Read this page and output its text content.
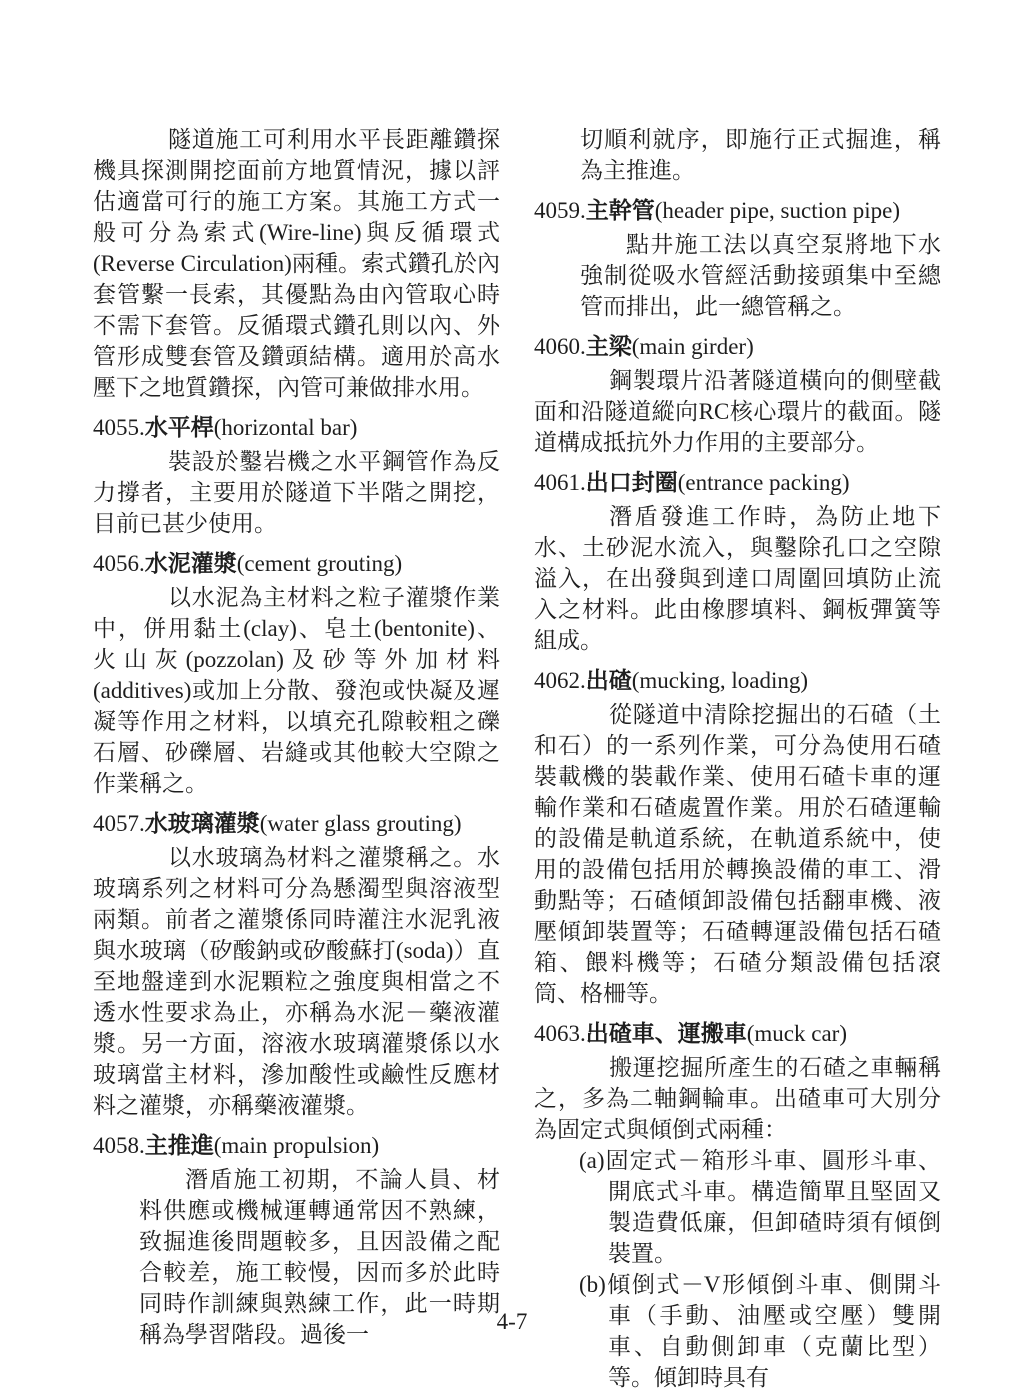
隧道施工可利用水平長距離鑽探機具探測開挖面前方地質情況，據以評估適當可行的施工方案。其施工方式一般可分為索式(Wire-line)與反循環式(Reverse Circulation)兩種。索式鑽孔於內套管繫一長索，其優點為由內管取心時不需下套管。反循環式鑽孔則以內、外管形成雙套管及鑽頭結構。適用於高水壓下之地質鑽探，內管可兼做排水用。

4055.水平桿(horizontal bar)

裝設於鑿岩機之水平鋼管作為反力撐者，主要用於隧道下半階之開挖，目前已甚少使用。

4056.水泥灌漿(cement grouting)

以水泥為主材料之粒子灌漿作業中，併用黏土(clay)、皂土(bentonite)、火山灰(pozzolan)及砂等外加材料(additives)或加上分散、發泡或快凝及遲凝等作用之材料，以填充孔隙較粗之礫石層、砂礫層、岩縫或其他較大空隙之作業稱之。

4057.水玻璃灌漿(water glass grouting)

以水玻璃為材料之灌漿稱之。水玻璃系列之材料可分為懸濁型與溶液型兩類。前者之灌漿係同時灌注水泥乳液與水玻璃（矽酸鈉或矽酸蘇打(soda)）直至地盤達到水泥顆粒之強度與相當之不透水性要求為止，亦稱為水泥－藥液灌漿。另一方面，溶液水玻璃灌漿係以水玻璃當主材料，滲加酸性或鹼性反應材料之灌漿，亦稱藥液灌漿。

4058.主推進(main propulsion)

潛盾施工初期，不論人員、材料供應或機械運轉通常因不熟練，致掘進後問題較多，且因設備之配合較差，施工較慢，因而多於此時同時作訓練與熟練工作，此一時期稱為學習階段。過後一

切順利就序，即施行正式掘進，稱為主推進。

4059.主幹管(header pipe, suction pipe)

點井施工法以真空泵將地下水強制從吸水管經活動接頭集中至總管而排出，此一總管稱之。

4060.主梁(main girder)

鋼製環片沿著隧道橫向的側壁截面和沿隧道縱向RC核心環片的截面。隧道構成抵抗外力作用的主要部分。

4061.出口封圈(entrance packing)

潛盾發進工作時，為防止地下水、土砂泥水流入，與鑿除孔口之空隙溢入，在出發與到達口周圍回填防止流入之材料。此由橡膠填料、鋼板彈簧等組成。

4062.出碴(mucking, loading)

從隧道中清除挖掘出的石碴（土和石）的一系列作業，可分為使用石碴裝載機的裝載作業、使用石碴卡車的運輸作業和石碴處置作業。用於石碴運輸的設備是軌道系統，在軌道系統中，使用的設備包括用於轉換設備的車工、滑動點等；石碴傾卸設備包括翻車機、液壓傾卸裝置等；石碴轉運設備包括石碴箱、餵料機等；石碴分類設備包括滾筒、格柵等。

4063.出碴車、運搬車(muck car)

搬運挖掘所產生的石碴之車輛稱之，多為二軸鋼輪車。出碴車可大別分為固定式與傾倒式兩種：

(a)固定式－箱形斗車、圓形斗車、開底式斗車。構造簡單且堅固又製造費低廉，但卸碴時須有傾倒裝置。

(b)傾倒式－V形傾倒斗車、側開斗車（手動、油壓或空壓）雙開車、自動側卸車（克蘭比型）等。傾卸時具有

4-7
